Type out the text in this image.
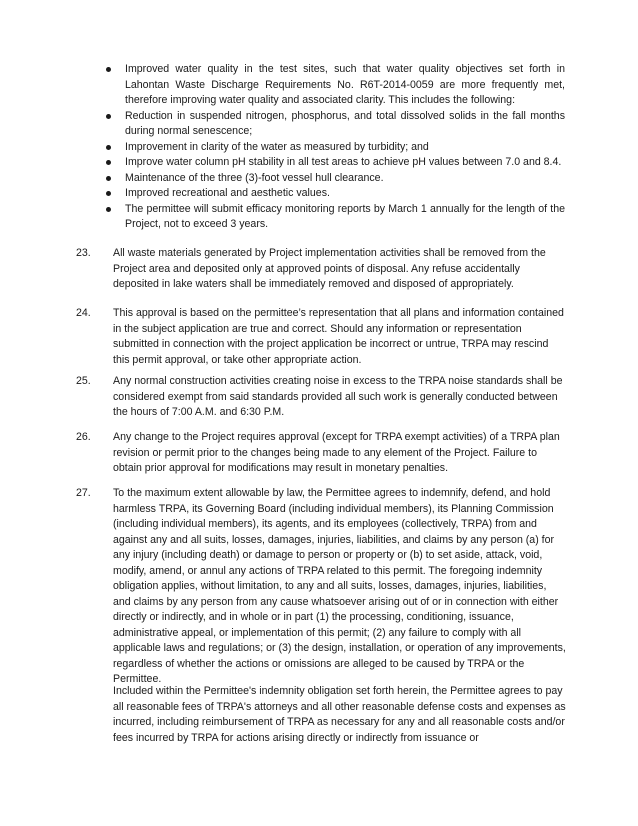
Improved water quality in the test sites, such that water quality objectives set forth in Lahontan Waste Discharge Requirements No. R6T-2014-0059 are more frequently met, therefore improving water quality and associated clarity. This includes the following:
Reduction in suspended nitrogen, phosphorus, and total dissolved solids in the fall months during normal senescence;
Improvement in clarity of the water as measured by turbidity; and
Improve water column pH stability in all test areas to achieve pH values between 7.0 and 8.4.
Maintenance of the three (3)-foot vessel hull clearance.
Improved recreational and aesthetic values.
The permittee will submit efficacy monitoring reports by March 1 annually for the length of the Project, not to exceed 3 years.
23.	All waste materials generated by Project implementation activities shall be removed from the Project area and deposited only at approved points of disposal. Any refuse accidentally deposited in lake waters shall be immediately removed and disposed of appropriately.
24.	This approval is based on the permittee’s representation that all plans and information contained in the subject application are true and correct. Should any information or representation submitted in connection with the project application be incorrect or untrue, TRPA may rescind this permit approval, or take other appropriate action.
25.	Any normal construction activities creating noise in excess to the TRPA noise standards shall be considered exempt from said standards provided all such work is generally conducted between the hours of 7:00 A.M. and 6:30 P.M.
26.	Any change to the Project requires approval (except for TRPA exempt activities) of a TRPA plan revision or permit prior to the changes being made to any element of the Project. Failure to obtain prior approval for modifications may result in monetary penalties.
27.	To the maximum extent allowable by law, the Permittee agrees to indemnify, defend, and hold harmless TRPA, its Governing Board (including individual members), its Planning Commission (including individual members), its agents, and its employees (collectively, TRPA) from and against any and all suits, losses, damages, injuries, liabilities, and claims by any person (a) for any injury (including death) or damage to person or property or (b) to set aside, attack, void, modify, amend, or annul any actions of TRPA related to this permit. The foregoing indemnity obligation applies, without limitation, to any and all suits, losses, damages, injuries, liabilities, and claims by any person from any cause whatsoever arising out of or in connection with either directly or indirectly, and in whole or in part (1) the processing, conditioning, issuance, administrative appeal, or implementation of this permit; (2) any failure to comply with all applicable laws and regulations; or (3) the design, installation, or operation of any improvements, regardless of whether the actions or omissions are alleged to be caused by TRPA or the Permittee.
Included within the Permittee's indemnity obligation set forth herein, the Permittee agrees to pay all reasonable fees of TRPA's attorneys and all other reasonable defense costs and expenses as incurred, including reimbursement of TRPA as necessary for any and all reasonable costs and/or fees incurred by TRPA for actions arising directly or indirectly from issuance or
